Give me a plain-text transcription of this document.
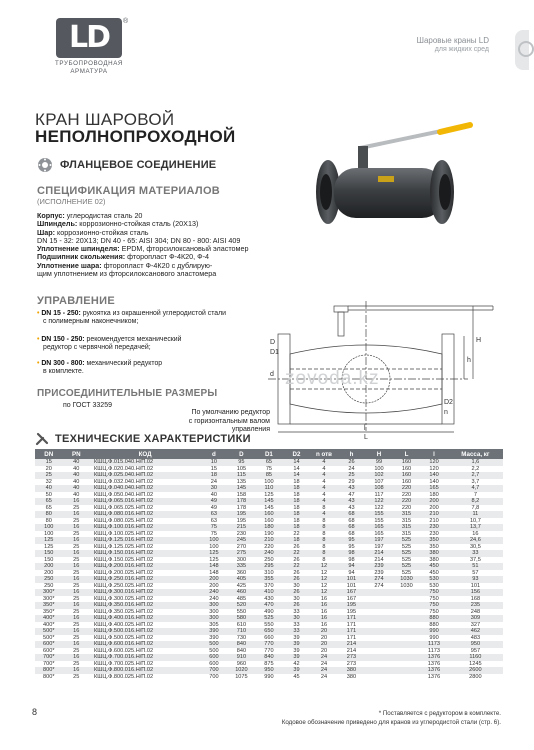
LD	®
ТРУБОПРОВОДНАЯ
АРМАТУРА
Шаровые краны LD
для жидких сред
КРАН ШАРОВОЙ
НЕПОЛНОПРОХОДНОЙ
ФЛАНЦЕВОЕ СОЕДИНЕНИЕ
СПЕЦИФИКАЦИЯ МАТЕРИАЛОВ
(ИСПОЛНЕНИЕ 02)
Корпус: углеродистая сталь 20
Шпиндель: коррозионно-стойкая сталь (20Х13)
Шар: коррозионно-стойкая сталь
DN 15 - 32: 20Х13; DN 40 - 65: AISI 304; DN 80 - 800: AISI 409
Уплотнение шпинделя: EPDM, фторсилоксановый эластомер
Подшипник скольжения: фторопласт Ф-4К20, Ф-4
Уплотнение шара: фторопласт Ф-4К20 с дублирую-
щим уплотнением из фторсилоксанового эластомера
УПРАВЛЕНИЕ
• DN 15 - 250: рукоятка из окрашенной углеродистой стали
с полимерным наконечником;
• DN 150 - 250: рекомендуется механический
редуктор с червячной передачей;
• DN 300 - 800: механический редуктор
в комплекте.
ПРИСОЕДИНИТЕЛЬНЫЕ РАЗМЕРЫ
по ГОСТ 33259
По умолчанию редуктор
с горизонтальным валом управления
H
h
l
L
D2
n
D1
D
d zovoda.kz
ТЕХНИЧЕСКИЕ ХАРАКТЕРИСТИКИ
DN	PN	КОД	d	D	D1	D2	n отв	h	H	L	l	Масса, кг
15	40	КШЦ.Ф.015.040.Н/П.02	10	95	65	14	4	26	99	160	120	1,6
20	40	КШЦ.Ф.020.040.Н/П.02	15	105	75	14	4	24	100	160	120	2,2
25	40	КШЦ.Ф.025.040.Н/П.02	18	115	85	14	4	25	102	160	140	2,7
32	40	КШЦ.Ф.032.040.Н/П.02	24	135	100	18	4	29	107	160	140	3,7
40	40	КШЦ.Ф.040.040.Н/П.02	30	145	110	18	4	43	108	220	165	4,7
50	40	КШЦ.Ф.050.040.Н/П.02	40	158	125	18	4	47	117	220	180	7
65	16	КШЦ.Ф.065.016.Н/П.02	49	178	145	18	4	43	122	220	200	8,2
65	25	КШЦ.Ф.065.025.Н/П.02	49	178	145	18	8	43	122	220	200	7,8
80	16	КШЦ.Ф.080.016.Н/П.02	63	195	160	18	4	68	155	315	210	11
80	25	КШЦ.Ф.080.025.Н/П.02	63	195	160	18	8	68	155	315	210	10,7
100	16	КШЦ.Ф.100.016.Н/П.02	75	215	180	18	8	68	165	315	230	13,7
100	25	КШЦ.Ф.100.025.Н/П.02	75	230	190	22	8	68	165	315	230	16
125	16	КШЦ.Ф.125.016.Н/П.02	100	245	210	18	8	95	197	525	350	24,6
125	25	КШЦ.Ф.125.025.Н/П.02	100	270	220	26	8	95	197	525	350	30,5
150	16	КШЦ.Ф.150.016.Н/П.02	125	275	240	22	8	98	214	525	380	33
150	25	КШЦ.Ф.150.025.Н/П.02	125	300	250	26	8	98	214	525	380	37,5
200	16	КШЦ.Ф.200.016.Н/П.02	148	335	295	22	12	94	239	525	450	51
200	25	КШЦ.Ф.200.025.Н/П.02	148	360	310	26	12	94	239	525	450	57
250	16	КШЦ.Ф.250.016.Н/П.02	200	405	355	26	12	101	274	1030	530	93
250	25	КШЦ.Ф.250.025.Н/П.02	200	425	370	30	12	101	274	1030	530	101
300*	16	КШЦ.Ф.300.016.Н/П.02	240	460	410	26	12	167			750	156
300*	25	КШЦ.Ф.300.025.Н/П.02	240	485	430	30	16	167			750	168
350*	16	КШЦ.Ф.350.016.Н/П.02	300	520	470	26	16	195			750	235
350*	25	КШЦ.Ф.350.025.Н/П.02	300	550	490	33	16	195			750	248
400*	16	КШЦ.Ф.400.016.Н/П.02	300	580	525	30	16	171			880	309
400*	25	КШЦ.Ф.400.025.Н/П.02	305	610	550	33	16	171			880	327
500*	16	КШЦ.Ф.500.016.Н/П.02	390	710	650	33	20	171			990	462
500*	25	КШЦ.Ф.500.025.Н/П.02	390	730	660	39	20	171			990	483
600*	16	КШЦ.Ф.600.016.Н/П.02	500	840	770	39	20	214			1173	950
600*	25	КШЦ.Ф.600.025.Н/П.02	500	840	770	39	20	214			1173	957
700*	16	КШЦ.Ф.700.016.Н/П.02	600	910	840	39	24	273			1376	1160
700*	25	КШЦ.Ф.700.025.Н/П.02	600	960	875	42	24	273			1376	1245
800*	16	КШЦ.Ф.800.016.Н/П.02	700	1020	950	39	24	380			1376	2600
800*	25	КШЦ.Ф.800.025.Н/П.02	700	1075	990	45	24	380			1376	2800
8	* Поставляется с редуктором в комплекте.
Кодовое обозначение приведено для кранов из углеродистой стали (стр. 6).
